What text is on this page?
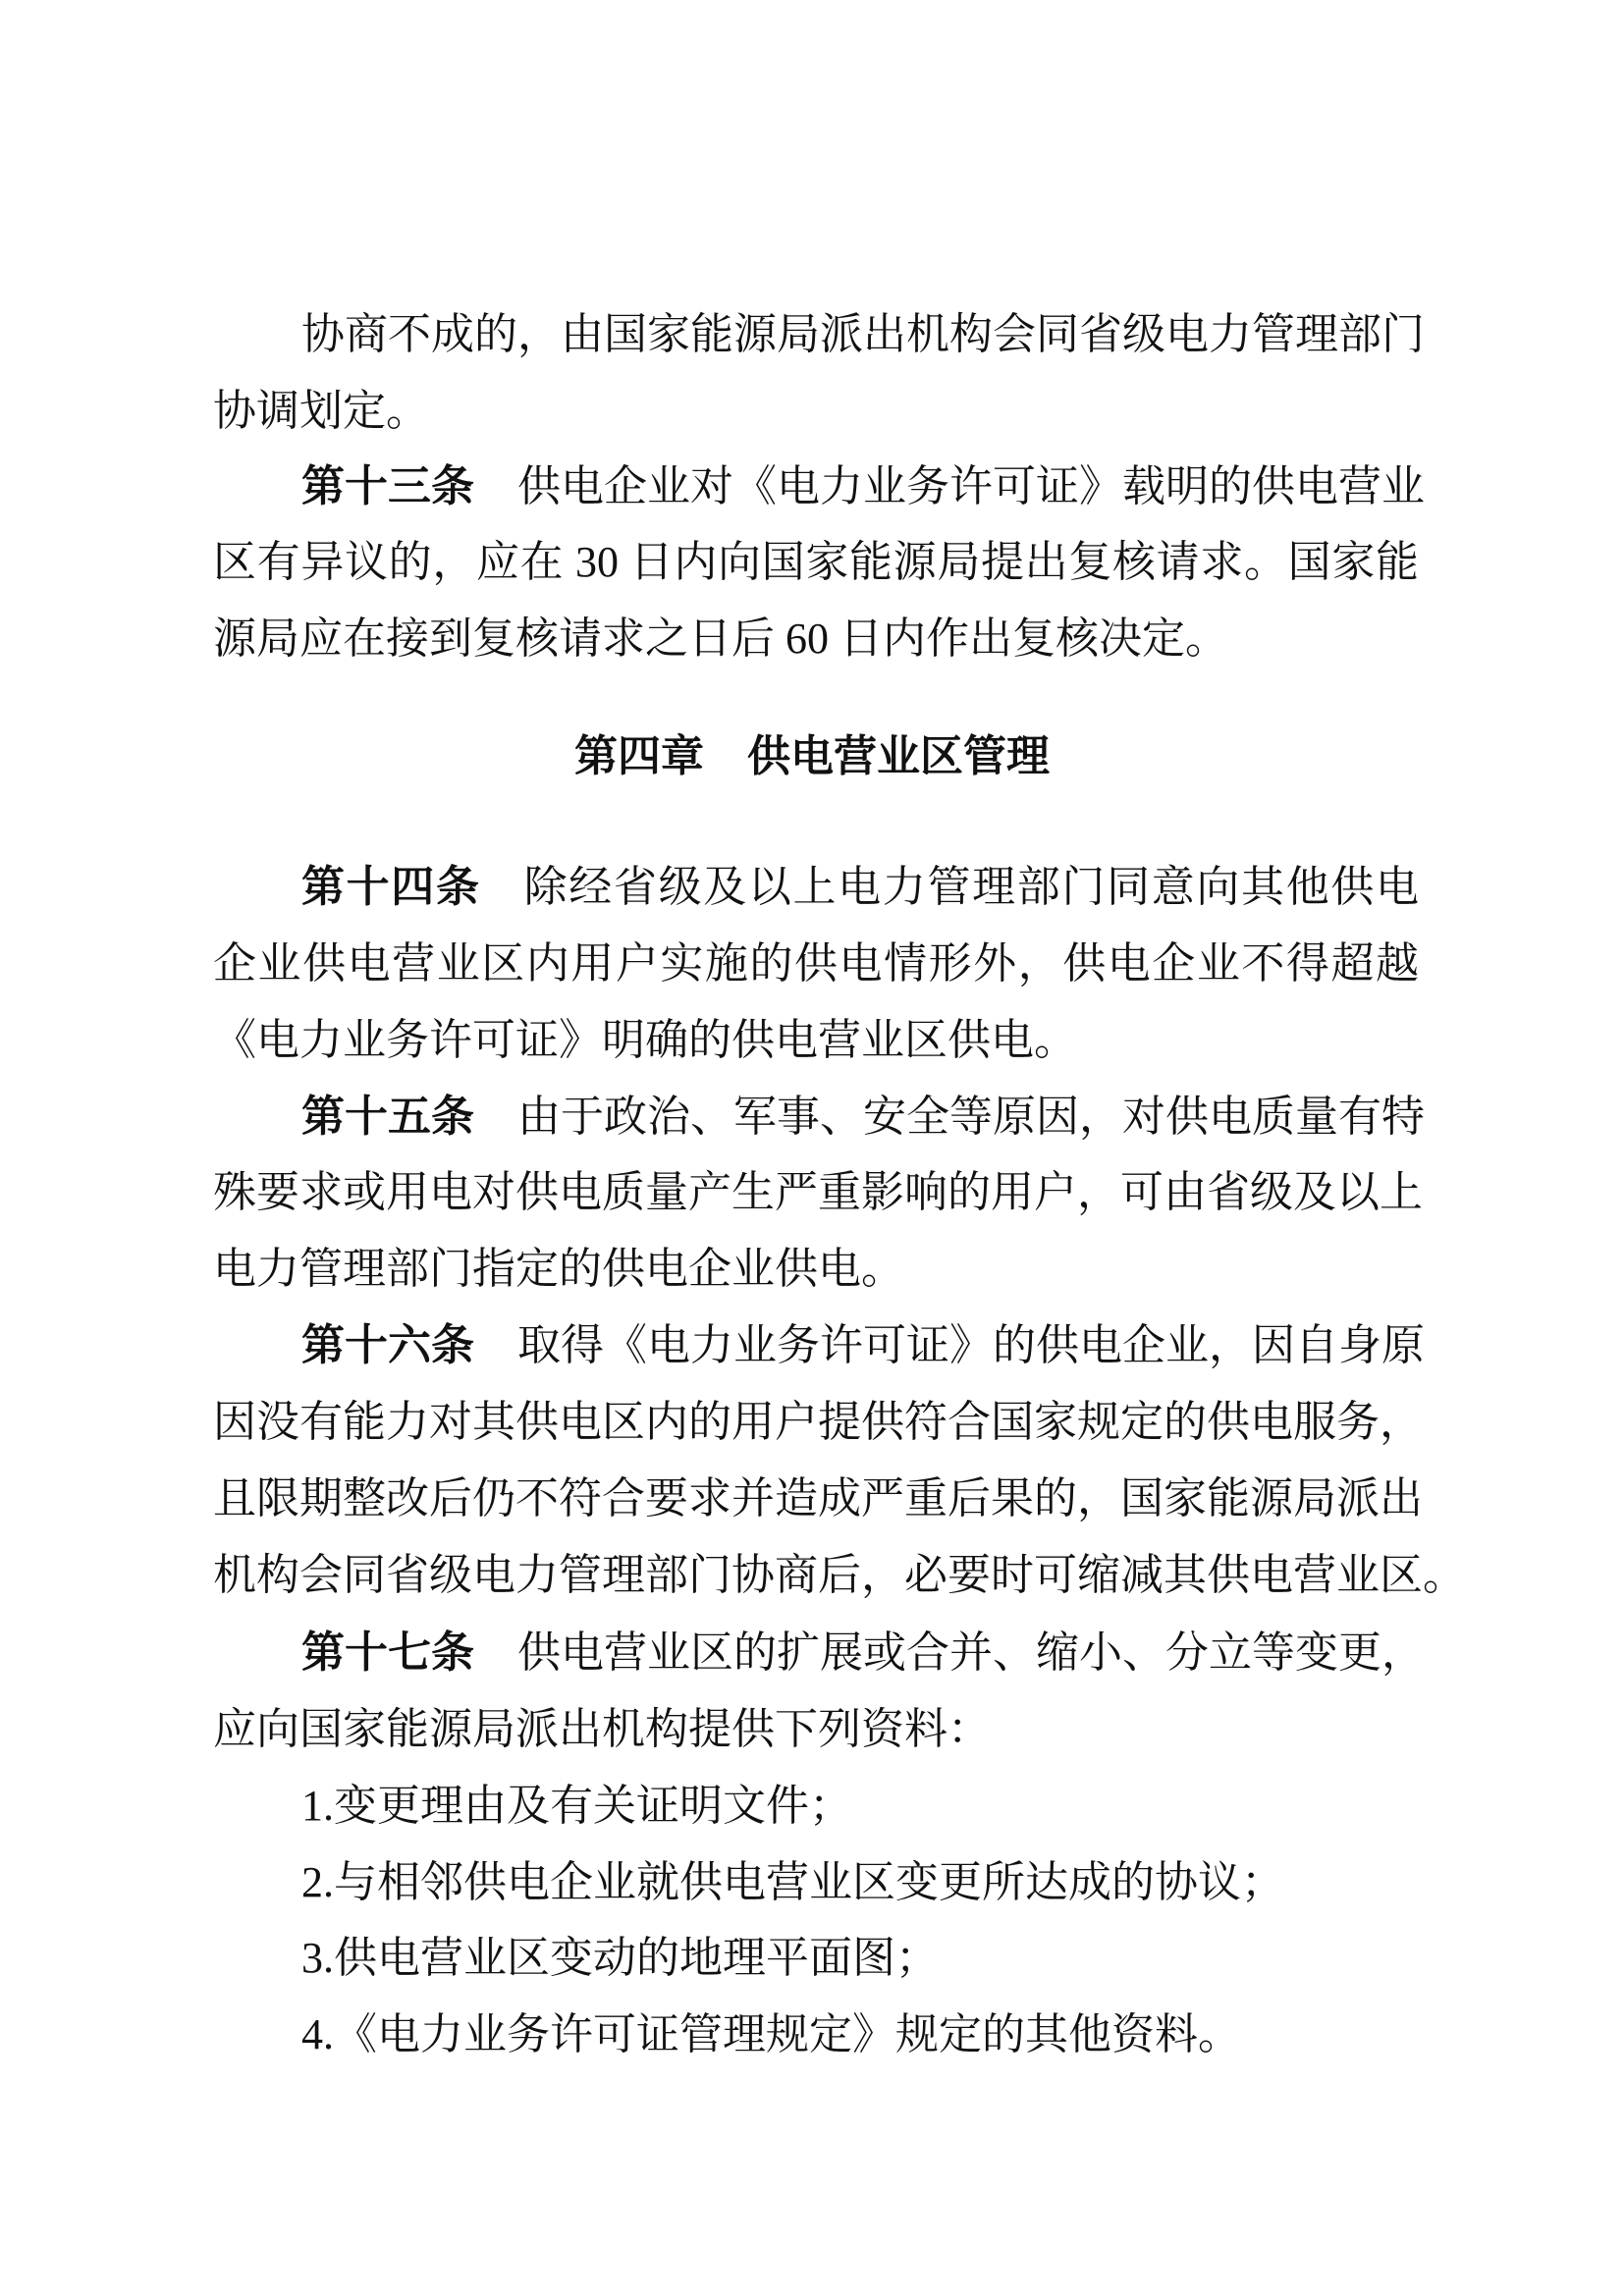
协商不成的，由国家能源局派出机构会同省级电力管理部门
协调划定。
第十三条 供电企业对《电力业务许可证》载明的供电营业
区有异议的，应在 30 日内向国家能源局提出复核请求。国家能
源局应在接到复核请求之日后 60 日内作出复核决定。
第四章　供电营业区管理
第十四条 除经省级及以上电力管理部门同意向其他供电
企业供电营业区内用户实施的供电情形外，供电企业不得超越
《电力业务许可证》明确的供电营业区供电。
第十五条 由于政治、军事、安全等原因，对供电质量有特
殊要求或用电对供电质量产生严重影响的用户，可由省级及以上
电力管理部门指定的供电企业供电。
第十六条 取得《电力业务许可证》的供电企业，因自身原
因没有能力对其供电区内的用户提供符合国家规定的供电服务，
且限期整改后仍不符合要求并造成严重后果的，国家能源局派出
机构会同省级电力管理部门协商后，必要时可缩减其供电营业区。
第十七条 供电营业区的扩展或合并、缩小、分立等变更，
应向国家能源局派出机构提供下列资料：
1.变更理由及有关证明文件；
2.与相邻供电企业就供电营业区变更所达成的协议；
3.供电营业区变动的地理平面图；
4.《电力业务许可证管理规定》规定的其他资料。
